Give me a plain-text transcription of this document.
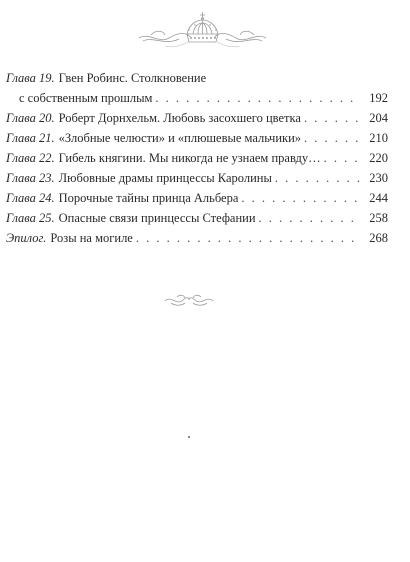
Глава 19. Гвен Робинс. Столкновение
с собственным прошлым . . .	192
Глава 20. Роберт Дорнхельм. Любовь засохшего цветка . . .	204
Глава 21. «Злобные челюсти» и «плюшевые мальчики» . . .	210
Глава 22. Гибель княгини. Мы никогда не узнаем правду… . . .	220
Глава 23. Любовные драмы принцессы Каролины . . .	230
Глава 24. Порочные тайны принца Альбера . . .	244
Глава 25. Опасные связи принцессы Стефании . . .	258
Эпилог. Розы на могиле . . .	268
